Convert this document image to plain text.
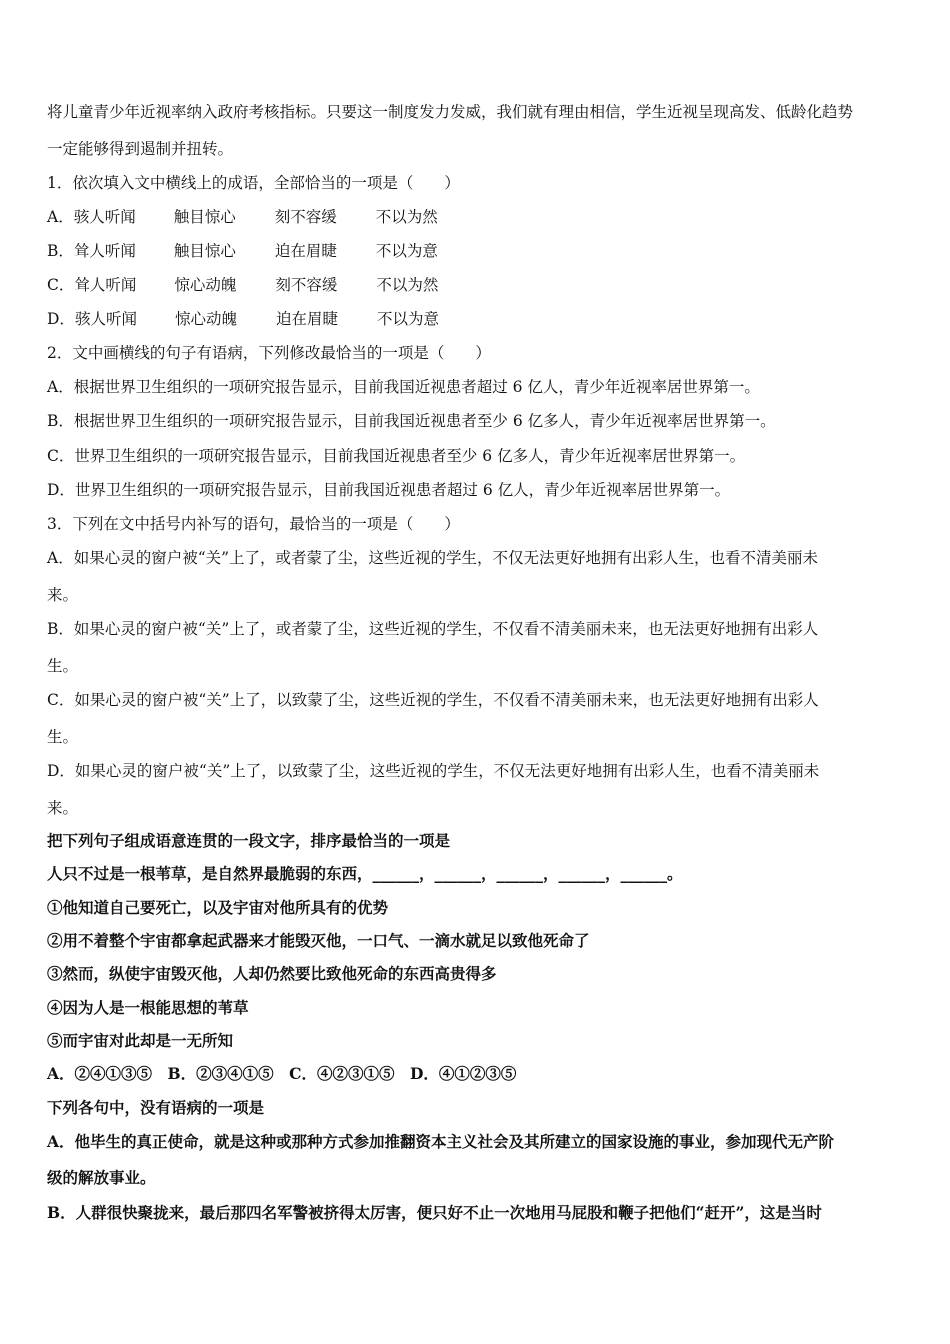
将儿童青少年近视率纳入政府考核指标。只要这一制度发力发威，我们就有理由相信，学生近视呈现高发、低龄化趋势
一定能够得到遏制并扭转。
1．依次填入文中横线上的成语，全部恰当的一项是（　　）
A．骇人听闻 触目惊心	刻不容缓	不以为然
B．耸人听闻 触目惊心	迫在眉睫	不以为意
C．耸人听闻 惊心动魄	刻不容缓	不以为然
D．骇人听闻 惊心动魄	迫在眉睫	不以为意
2．文中画横线的句子有语病，下列修改最恰当的一项是（　　）
A．根据世界卫生组织的一项研究报告显示，目前我国近视患者超过 6 亿人，青少年近视率居世界第一。
B．根据世界卫生组织的一项研究报告显示，目前我国近视患者至少 6 亿多人，青少年近视率居世界第一。
C．世界卫生组织的一项研究报告显示，目前我国近视患者至少 6 亿多人，青少年近视率居世界第一。
D．世界卫生组织的一项研究报告显示，目前我国近视患者超过 6 亿人，青少年近视率居世界第一。
3．下列在文中括号内补写的语句，最恰当的一项是（　　）
A．如果心灵的窗户被“关”上了，或者蒙了尘，这些近视的学生，不仅无法更好地拥有出彩人生，也看不清美丽未
来。
B．如果心灵的窗户被“关”上了，或者蒙了尘，这些近视的学生，不仅看不清美丽未来，也无法更好地拥有出彩人
生。
C．如果心灵的窗户被“关”上了，以致蒙了尘，这些近视的学生，不仅看不清美丽未来，也无法更好地拥有出彩人
生。
D．如果心灵的窗户被“关”上了，以致蒙了尘，这些近视的学生，不仅无法更好地拥有出彩人生，也看不清美丽未
来。
把下列句子组成语意连贯的一段文字，排序最恰当的一项是
人只不过是一根苇草，是自然界最脆弱的东西，______，______，______，______，______。
①他知道自己要死亡，以及宇宙对他所具有的优势
②用不着整个宇宙都拿起武器来才能毁灭他，一口气、一滴水就足以致他死命了
③然而，纵使宇宙毁灭他，人却仍然要比致他死命的东西高贵得多
④因为人是一根能思想的苇草
⑤而宇宙对此却是一无所知
A．②④①③⑤　B．②③④①⑤　C．④②③①⑤　D．④①②③⑤
下列各句中，没有语病的一项是
A．他毕生的真正使命，就是这种或那种方式参加推翻资本主义社会及其所建立的国家设施的事业，参加现代无产阶
级的解放事业。
B．人群很快聚拢来，最后那四名军警被挤得太厉害，便只好不止一次地用马屁股和鞭子把他们“赶开”，这是当时
